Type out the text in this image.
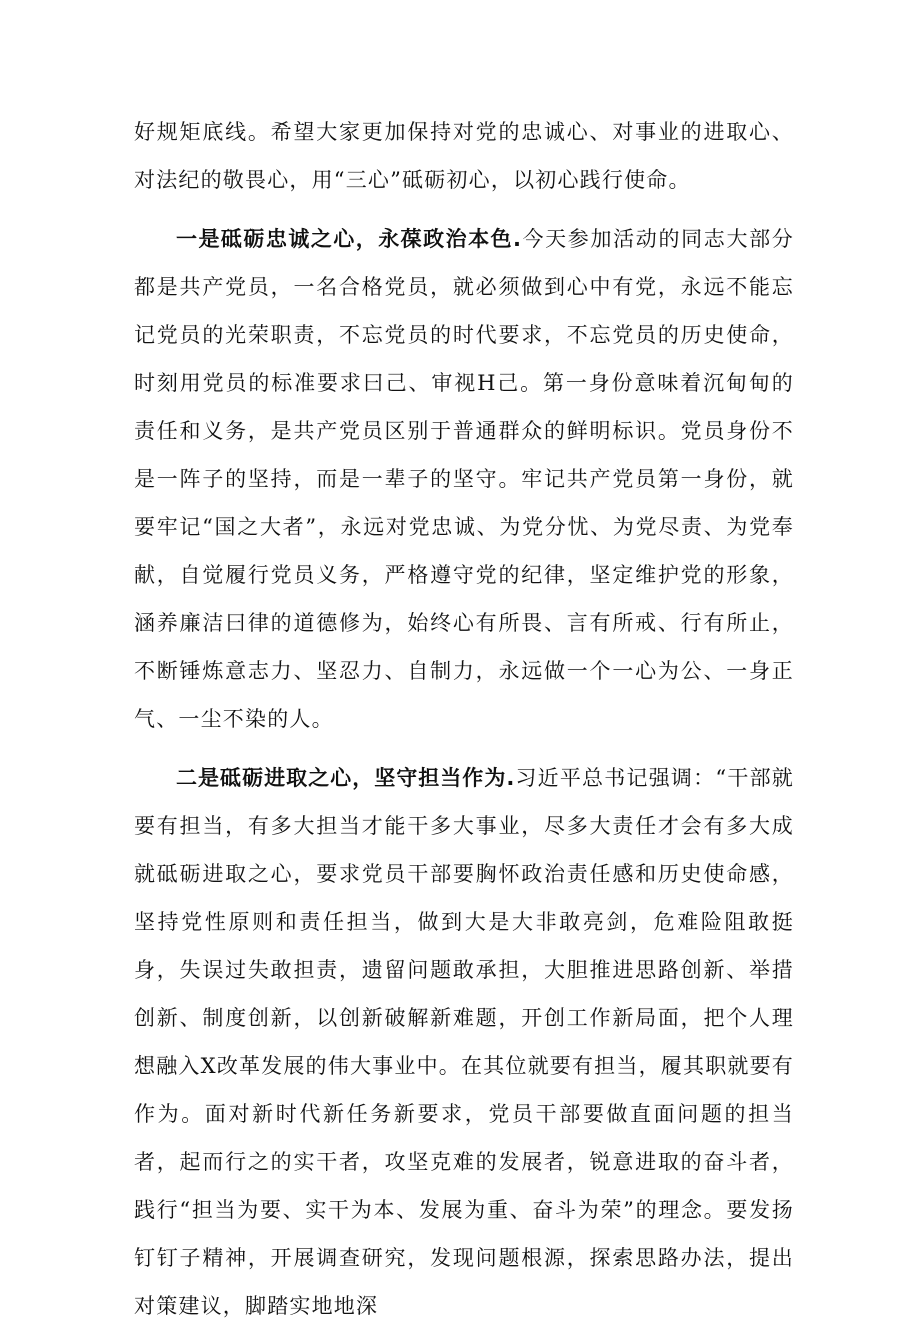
好规矩底线。希望大家更加保持对党的忠诚心、对事业的进取心、对法纪的敬畏心，用“三心”砥砺初心，以初心践行使命。

一是砥砺忠诚之心，永葆政治本色.今天参加活动的同志大部分都是共产党员，一名合格党员，就必须做到心中有党，永远不能忘记党员的光荣职责，不忘党员的时代要求，不忘党员的历史使命，时刻用党员的标准要求曰己、审视H己。第一身份意味着沉甸甸的责任和义务，是共产党员区别于普通群众的鲜明标识。党员身份不是一阵子的坚持，而是一辈子的坚守。牢记共产党员第一身份，就要牢记“国之大者”，永远对党忠诚、为党分忧、为党尽责、为党奉献，自觉履行党员义务，严格遵守党的纪律，坚定维护党的形象，涵养廉洁曰律的道德修为，始终心有所畏、言有所戒、行有所止，不断锤炼意志力、坚忍力、自制力，永远做一个一心为公、一身正气、一尘不染的人。

二是砥砺进取之心，坚守担当作为.习近平总书记强调：“干部就要有担当，有多大担当才能干多大事业，尽多大责任才会有多大成就砥砺进取之心，要求党员干部要胸怀政治责任感和历史使命感，坚持党性原则和责任担当，做到大是大非敢亮剑，危难险阻敢挺身，失误过失敢担责，遗留问题敢承担，大胆推进思路创新、举措创新、制度创新，以创新破解新难题，开创工作新局面，把个人理想融入X改革发展的伟大事业中。在其位就要有担当，履其职就要有作为。面对新时代新任务新要求，党员干部要做直面问题的担当者，起而行之的实干者，攻坚克难的发展者，锐意进取的奋斗者，践行“担当为要、实干为本、发展为重、奋斗为荣”的理念。要发扬钉钉子精神，开展调查研究，发现问题根源，探索思路办法，提出对策建议，脚踏实地地深
